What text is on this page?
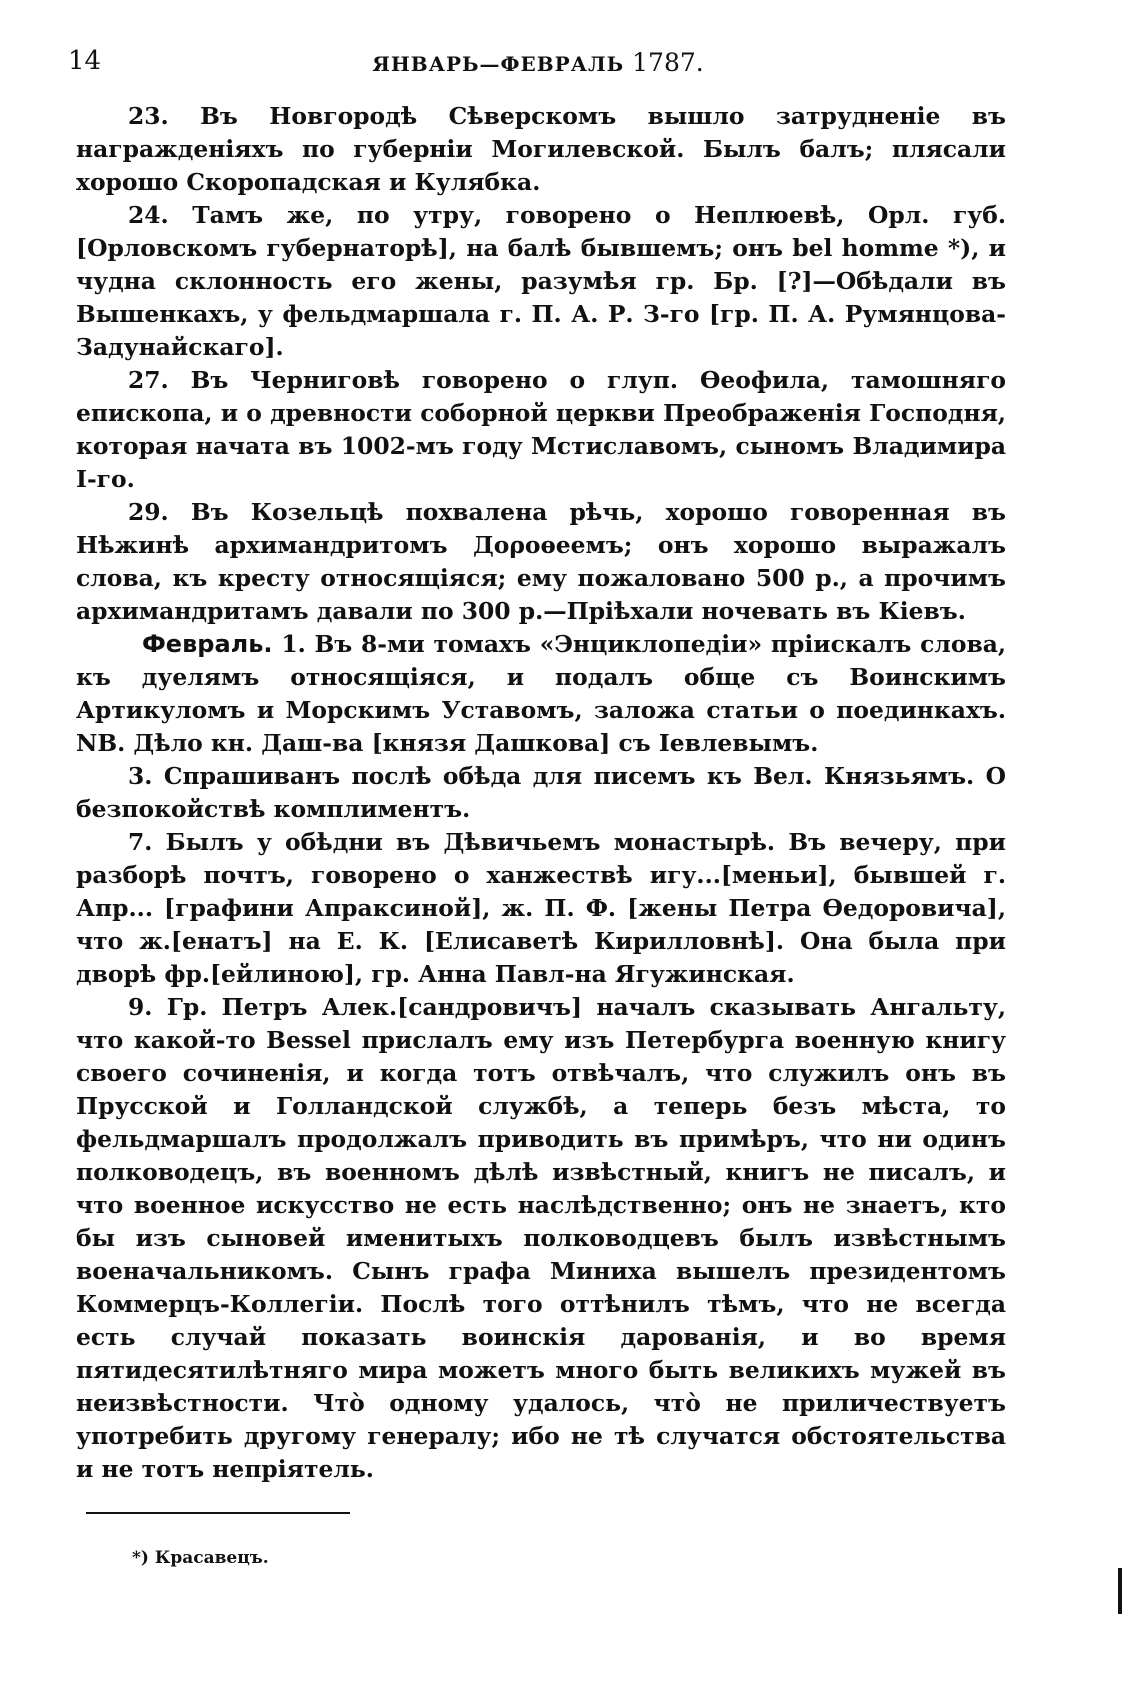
14	ЯНВАРЬ—ФЕВРАЛЬ 1787.

23. Въ Новгородѣ Сѣверскомъ вышло затрудненіе въ награжденіяхъ по губерніи Могилевской. Былъ балъ; плясали хорошо Скоропадская и Кулябка.

24. Тамъ же, по утру, говорено о Неплюевѣ, Орл. губ. [Орловскомъ губернаторѣ], на балѣ бывшемъ; онъ bel homme *), и чудна склонность его жены, разумѣя гр. Бр. [?]—Обѣдали въ Вышенкахъ, у фельдмаршала г. П. А. Р. З-го [гр. П. А. Румянцова-Задунайскаго].

27. Въ Черниговѣ говорено о глуп. Ѳеофила, тамошняго епископа, и о древности соборной церкви Преображенія Господня, которая начата въ 1002-мъ году Мстиславомъ, сыномъ Владимира I-го.

29. Въ Козельцѣ похвалена рѣчь, хорошо говоренная въ Нѣжинѣ архимандритомъ Доροѳеемъ; онъ хорошо выражалъ слова, къ кресту относящіяся; ему пожаловано 500 р., а прочимъ архимандритамъ давали по 300 р.—Пріѣхали ночевать въ Кіевъ.

Февраль. 1. Въ 8-ми томахъ «Энциклопедіи» пріискалъ слова, къ дуелямъ относящіяся, и подалъ обще съ Воинскимъ Артикуломъ и Морскимъ Уставомъ, заложа статьи о поединкахъ. NB. Дѣло кн. Даш-ва [князя Дашкова] съ Іевлевымъ.

3. Спрашиванъ послѣ обѣда для писемъ къ Вел. Князьямъ. О безпокойствѣ комплиментъ.

7. Былъ у обѣдни въ Дѣвичьемъ монастырѣ. Въ вечеру, при разборѣ почтъ, говорено о ханжествѣ игу...[меньи], бывшей г. Апр... [графини Апраксиной], ж. П. Ф. [жены Петра Ѳедоровича], что ж.[енатъ] на Е. К. [Елисаветѣ Кирилловнѣ]. Она была при дворѣ фр.[ейлиною], гр. Анна Павл-на Ягужинская.

9. Гр. Петръ Алек.[сандровичъ] началъ сказывать Ангальту, что какой-то Bessel прислалъ ему изъ Петербурга военную книгу своего сочиненія, и когда тотъ отвѣчалъ, что служилъ онъ въ Прусской и Голландской службѣ, а теперь безъ мѣста, то фельдмаршалъ продолжалъ приводить въ примѣръ, что ни одинъ полководецъ, въ военномъ дѣлѣ извѣстный, книгъ не писалъ, и что военное искусство не есть наслѣдственно; онъ не знаетъ, кто бы изъ сыновей именитыхъ полководцевъ былъ извѣстнымъ военачальникомъ. Сынъ графа Миниха вышелъ президентомъ Коммерцъ-Коллегіи. Послѣ того оттѣнилъ тѣмъ, что не всегда есть случай показать воинскія дарованія, и во время пятидесятилѣтняго мира можетъ много быть великихъ мужей въ неизвѣстности. Что̀ одному удалось, что̀ не приличествуетъ употребить другому генералу; ибо не тѣ случатся обстоятельства и не тотъ непріятель.

*) Красавецъ.
